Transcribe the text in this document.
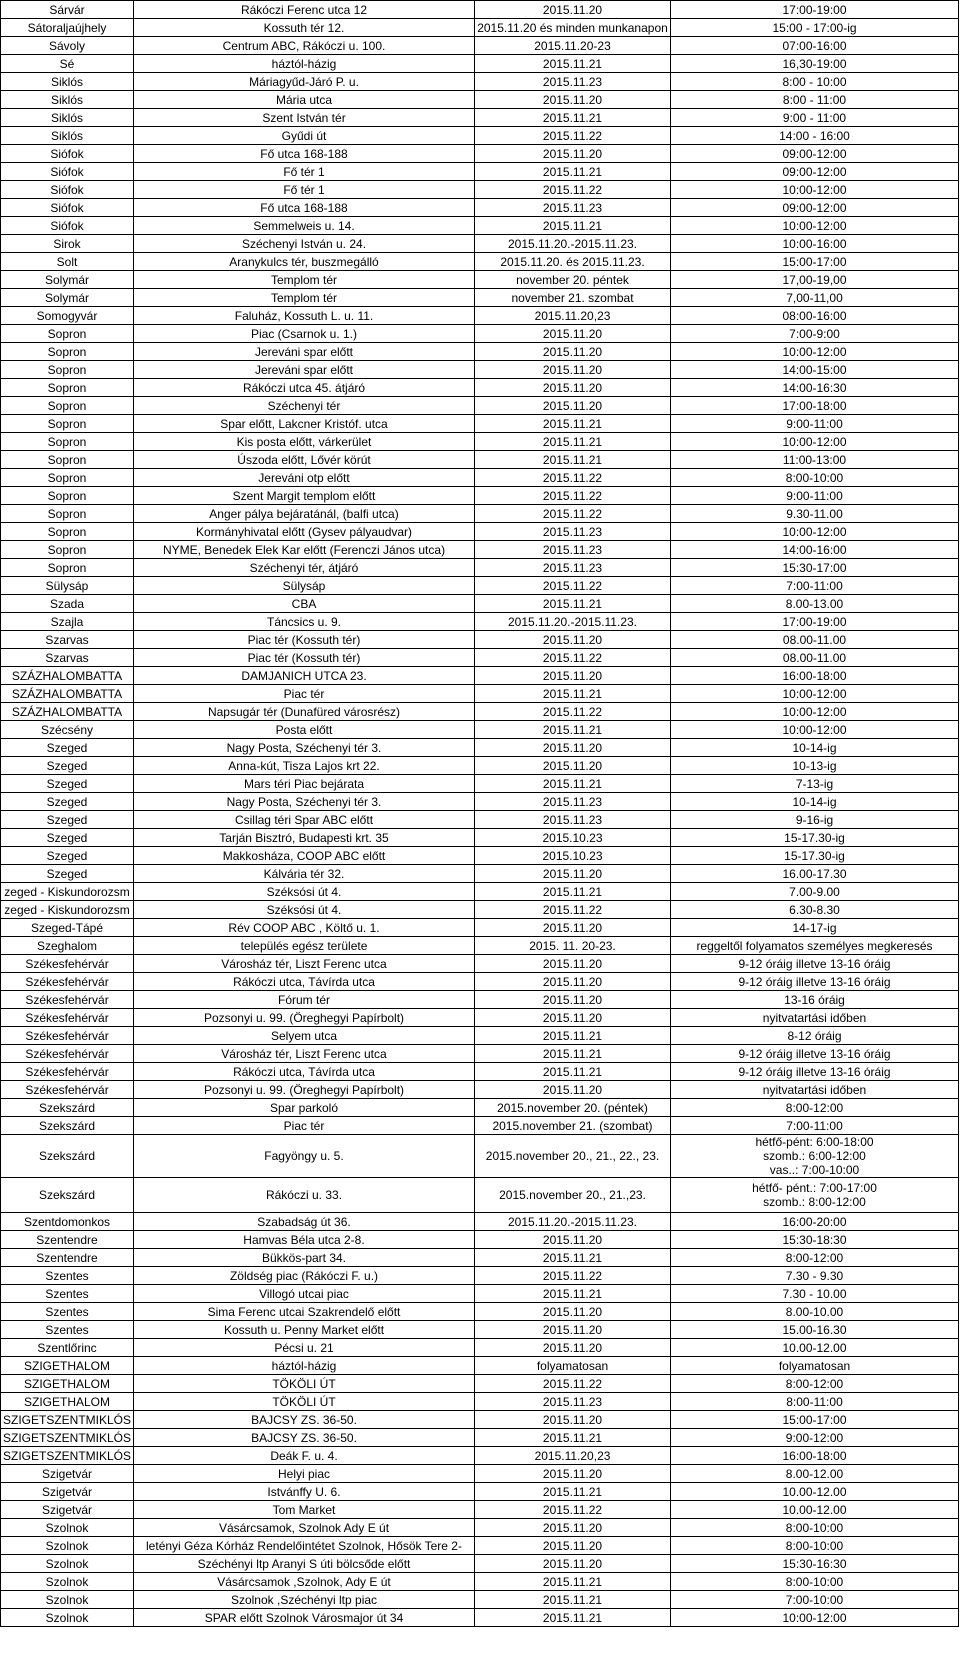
Sárvár	Rákóczi Ferenc utca 12	2015.11.20	17:00-19:00
Sátoraljaújhely	Kossuth tér 12.	2015.11.20 és minden munkanapon	15:00 - 17:00-ig
Sávoly	Centrum ABC, Rákóczi u. 100.	2015.11.20-23	07:00-16:00
Sé	háztól-házig	2015.11.21	16,30-19:00
Siklós	Máriagyűd-Járó P. u.	2015.11.23	8:00 - 10:00
Siklós	Mária utca	2015.11.20	8:00 - 11:00
Siklós	Szent István tér	2015.11.21	9:00 - 11:00
Siklós	Gyűdi út	2015.11.22	14:00 - 16:00
Siófok	Fő utca 168-188	2015.11.20	09:00-12:00
Siófok	Fő tér 1	2015.11.21	09:00-12:00
Siófok	Fő tér 1	2015.11.22	10:00-12:00
Siófok	Fő utca 168-188	2015.11.23	09:00-12:00
Siófok	Semmelweis u. 14.	2015.11.21	10:00-12:00
Sirok	Széchenyi István u. 24.	2015.11.20.-2015.11.23.	10:00-16:00
Solt	Aranykulcs tér, buszmegálló	2015.11.20. és 2015.11.23.	15:00-17:00
Solymár	Templom tér	november 20. péntek	17,00-19,00
Solymár	Templom tér	november 21. szombat	7,00-11,00
Somogyvár	Faluház, Kossuth L. u. 11.	2015.11.20,23	08:00-16:00
Sopron	Piac (Csarnok u. 1.)	2015.11.20	7:00-9:00
Sopron	Jereváni spar előtt	2015.11.20	10:00-12:00
Sopron	Jereváni spar előtt	2015.11.20	14:00-15:00
Sopron	Rákóczi utca 45. átjáró	2015.11.20	14:00-16:30
Sopron	Széchenyi tér	2015.11.20	17:00-18:00
Sopron	Spar előtt, Lakcner Kristóf. utca	2015.11.21	9:00-11:00
Sopron	Kis posta előtt, várkerület	2015.11.21	10:00-12:00
Sopron	Úszoda előtt, Lővér körút	2015.11.21	11:00-13:00
Sopron	Jereváni otp előtt	2015.11.22	8:00-10:00
Sopron	Szent Margit templom előtt	2015.11.22	9:00-11:00
Sopron	Anger pálya bejáratánál, (balfi utca)	2015.11.22	9.30-11.00
Sopron	Kormányhivatal előtt (Gysev pályaudvar)	2015.11.23	10:00-12:00
Sopron	NYME, Benedek Elek Kar előtt (Ferenczi János utca)	2015.11.23	14:00-16:00
Sopron	Széchenyi tér, átjáró	2015.11.23	15:30-17:00
Sülysáp	Sülysáp	2015.11.22	7:00-11:00
Szada	CBA	2015.11.21	8.00-13.00
Szajla	Táncsics u. 9.	2015.11.20.-2015.11.23.	17:00-19:00
Szarvas	Piac tér (Kossuth tér)	2015.11.20	08.00-11.00
Szarvas	Piac tér (Kossuth tér)	2015.11.22	08.00-11.00
SZÁZHALOMBATTA	DAMJANICH UTCA 23.	2015.11.20	16:00-18:00
SZÁZHALOMBATTA	Piac tér	2015.11.21	10:00-12:00
SZÁZHALOMBATTA	Napsugár tér (Dunafüred városrész)	2015.11.22	10:00-12:00
Szécsény	Posta előtt	2015.11.21	10:00-12:00
Szeged	Nagy Posta, Széchenyi tér 3.	2015.11.20	10-14-ig
Szeged	Anna-kút, Tisza Lajos krt 22.	2015.11.20	10-13-ig
Szeged	Mars téri Piac bejárata	2015.11.21	7-13-ig
Szeged	Nagy Posta, Széchenyi tér 3.	2015.11.23	10-14-ig
Szeged	Csillag téri Spar ABC előtt	2015.11.23	9-16-ig
Szeged	Tarján Bisztró, Budapesti krt. 35	2015.10.23	15-17.30-ig
Szeged	Makkosháza, COOP ABC előtt	2015.10.23	15-17.30-ig
Szeged	Kálvária tér 32.	2015.11.20	16.00-17.30
zeged - Kiskundorozsm	Széksósi út 4.	2015.11.21	7.00-9.00
zeged - Kiskundorozsm	Széksósi út 4.	2015.11.22	6.30-8.30
Szeged-Tápé	Rév COOP ABC , Költő u. 1.	2015.11.20	14-17-ig
Szeghalom	település egész területe	2015. 11. 20-23.	reggeltől folyamatos személyes megkeresés
Székesfehérvár	Városház tér, Liszt Ferenc utca	2015.11.20	9-12 óráig illetve 13-16 óráig
Székesfehérvár	Rákóczi utca, Távírda utca	2015.11.20	9-12 óráig illetve 13-16 óráig
Székesfehérvár	Fórum tér	2015.11.20	13-16 óráig
Székesfehérvár	Pozsonyi u. 99. (Öreghegyi Papírbolt)	2015.11.20	nyitvatartási időben
Székesfehérvár	Selyem utca	2015.11.21	8-12 óráig
Székesfehérvár	Városház tér, Liszt Ferenc utca	2015.11.21	9-12 óráig illetve 13-16 óráig
Székesfehérvár	Rákóczi utca, Távírda utca	2015.11.21	9-12 óráig illetve 13-16 óráig
Székesfehérvár	Pozsonyi u. 99. (Öreghegyi Papírbolt)	2015.11.20	nyitvatartási időben
Szekszárd	Spar parkoló	2015.november 20. (péntek)	8:00-12:00
Szekszárd	Piac tér	2015.november 21. (szombat)	7:00-11:00
Szekszárd	Fagyöngy u. 5.	2015.november 20., 21., 22., 23.	hétfő-pént: 6:00-18:00
szomb.: 6:00-12:00
vas..: 7:00-10:00
Szekszárd	Rákóczi u. 33.	2015.november 20., 21.,23.	hétfő- pént.: 7:00-17:00
szomb.: 8:00-12:00
Szentdomonkos	Szabadság út 36.	2015.11.20.-2015.11.23.	16:00-20:00
Szentendre	Hamvas Béla utca 2-8.	2015.11.20	15:30-18:30
Szentendre	Bükkös-part 34.	2015.11.21	8:00-12:00
Szentes	Zöldség piac (Rákóczi F. u.)	2015.11.22	7.30 - 9.30
Szentes	Villogó utcai piac	2015.11.21	7.30 - 10.00
Szentes	Sima Ferenc utcai Szakrendelő előtt	2015.11.20	8.00-10.00
Szentes	Kossuth u. Penny Market előtt	2015.11.20	15.00-16.30
Szentlőrinc	Pécsi u. 21	2015.11.20	10.00-12.00
SZIGETHALOM	háztól-házig	folyamatosan	folyamatosan
SZIGETHALOM	TÖKÖLI ÚT	2015.11.22	8:00-12:00
SZIGETHALOM	TÖKÖLI ÚT	2015.11.23	8:00-11:00
SZIGETSZENTMIKLÓS	BAJCSY ZS. 36-50.	2015.11.20	15:00-17:00
SZIGETSZENTMIKLÓS	BAJCSY ZS. 36-50.	2015.11.21	9:00-12:00
SZIGETSZENTMIKLÓS	Deák F. u. 4.	2015.11.20,23	16:00-18:00
Szigetvár	Helyi piac	2015.11.20	8.00-12.00
Szigetvár	Istvánffy U. 6.	2015.11.21	10.00-12.00
Szigetvár	Tom Market	2015.11.22	10.00-12.00
Szolnok	Vásárcsamok, Szolnok Ady E út	2015.11.20	8:00-10:00
Szolnok	letényi Géza Kórház Rendelőintétet Szolnok, Hősök Tere 2-	2015.11.20	8:00-10:00
Szolnok	Széchényi ltp Aranyi S úti bölcsőde előtt	2015.11.20	15:30-16:30
Szolnok	Vásárcsamok ,Szolnok, Ady E út	2015.11.21	8:00-10:00
Szolnok	Szolnok ,Széchényi ltp piac	2015.11.21	7:00-10:00
Szolnok	SPAR előtt Szolnok Városmajor út 34	2015.11.21	10:00-12:00
